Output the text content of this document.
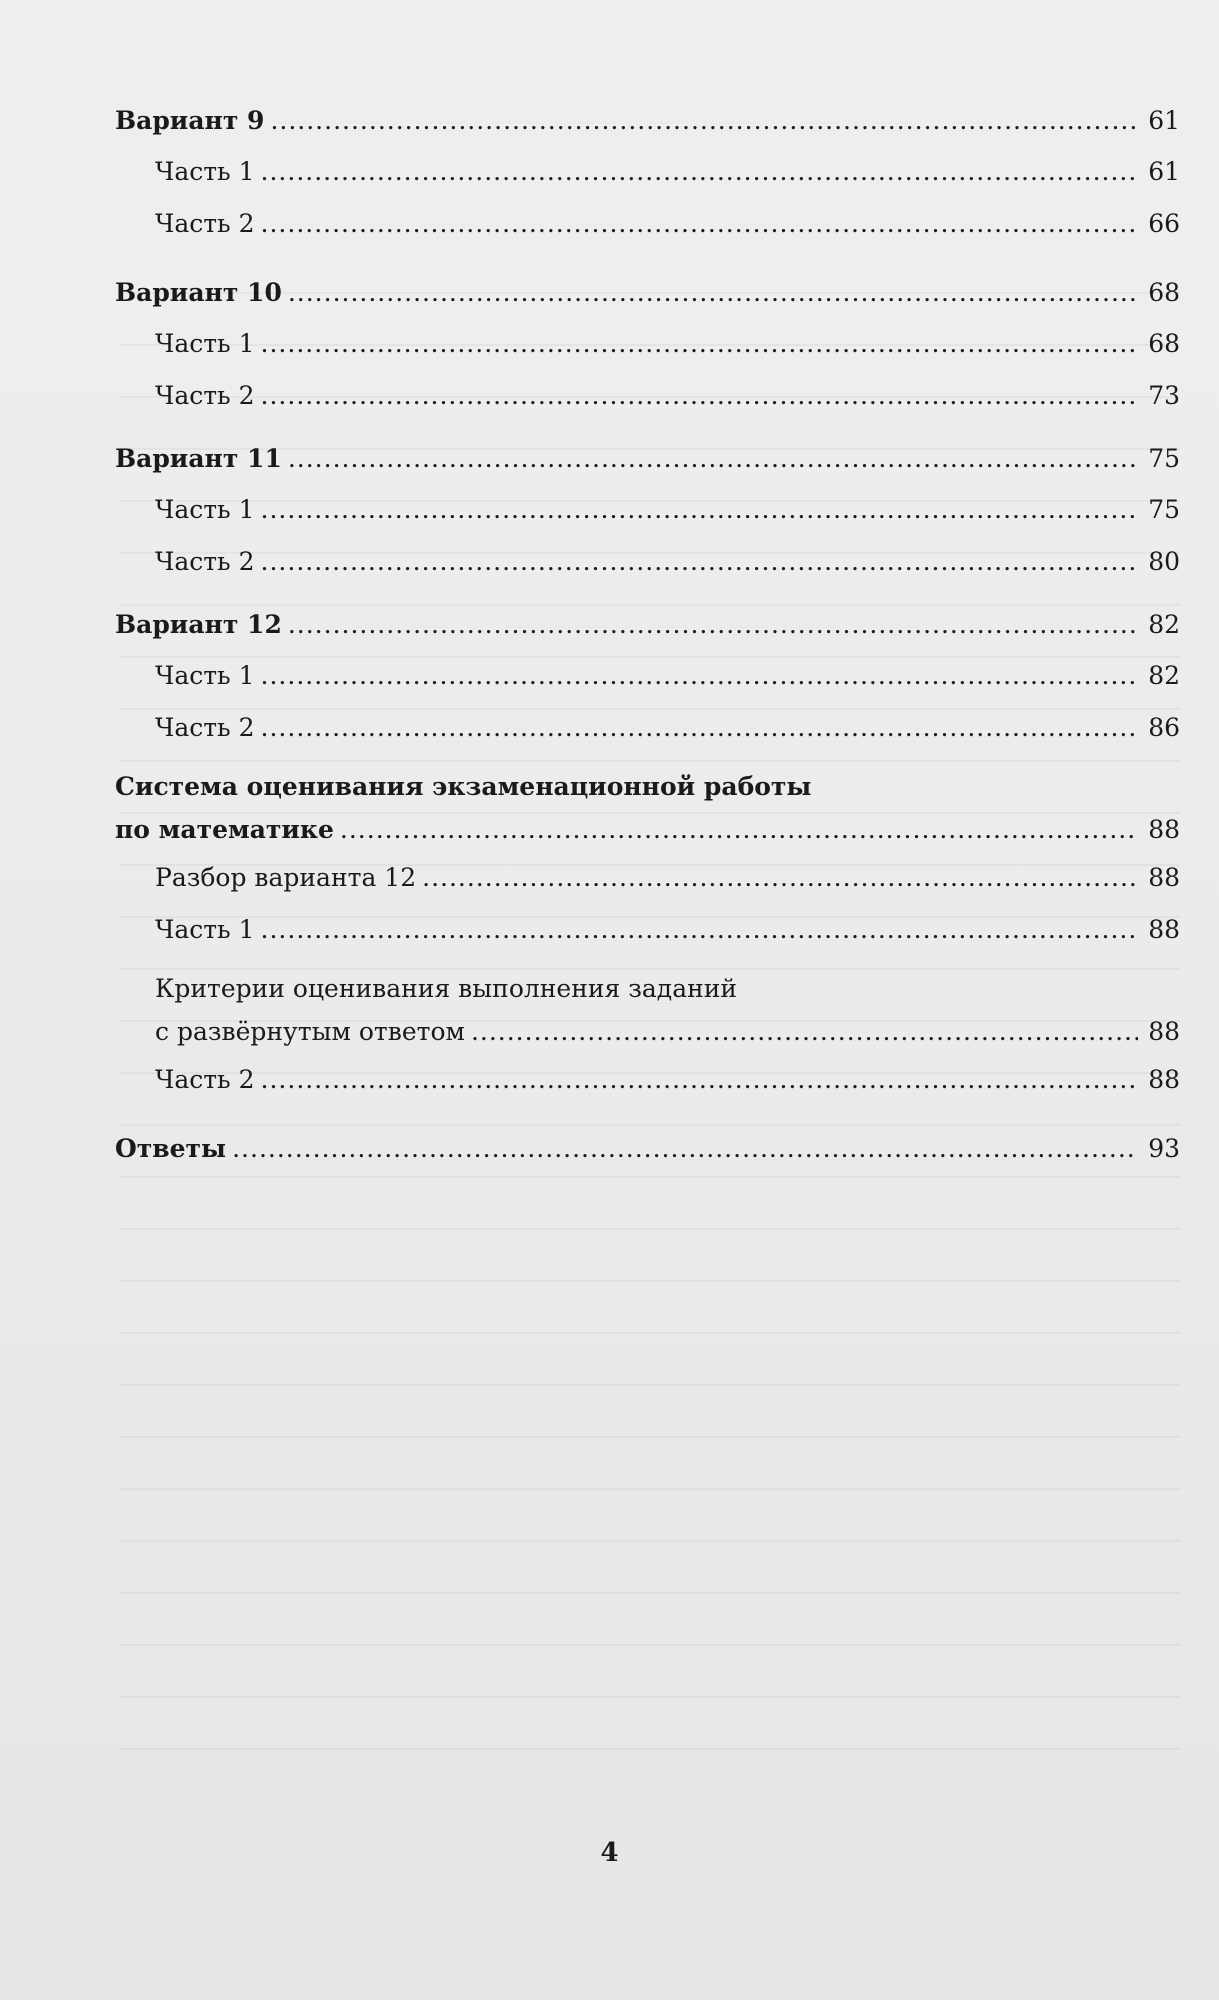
Вариант 9 .....	61
Часть 1 .....	61
Часть 2 .....	66
Вариант 10 .....	68
Часть 1 .....	68
Часть 2 .....	73
Вариант 11 .....	75
Часть 1 .....	75
Часть 2 .....	80
Вариант 12 .....	82
Часть 1 .....	82
Часть 2 .....	86
Система оценивания экзаменационной работы
по математике .....	88
Разбор варианта 12 .....	88
Часть 1 .....	88
Критерии оценивания выполнения заданий
с развёрнутым ответом .....	88
Часть 2 .....	88
Ответы .....	93
4
